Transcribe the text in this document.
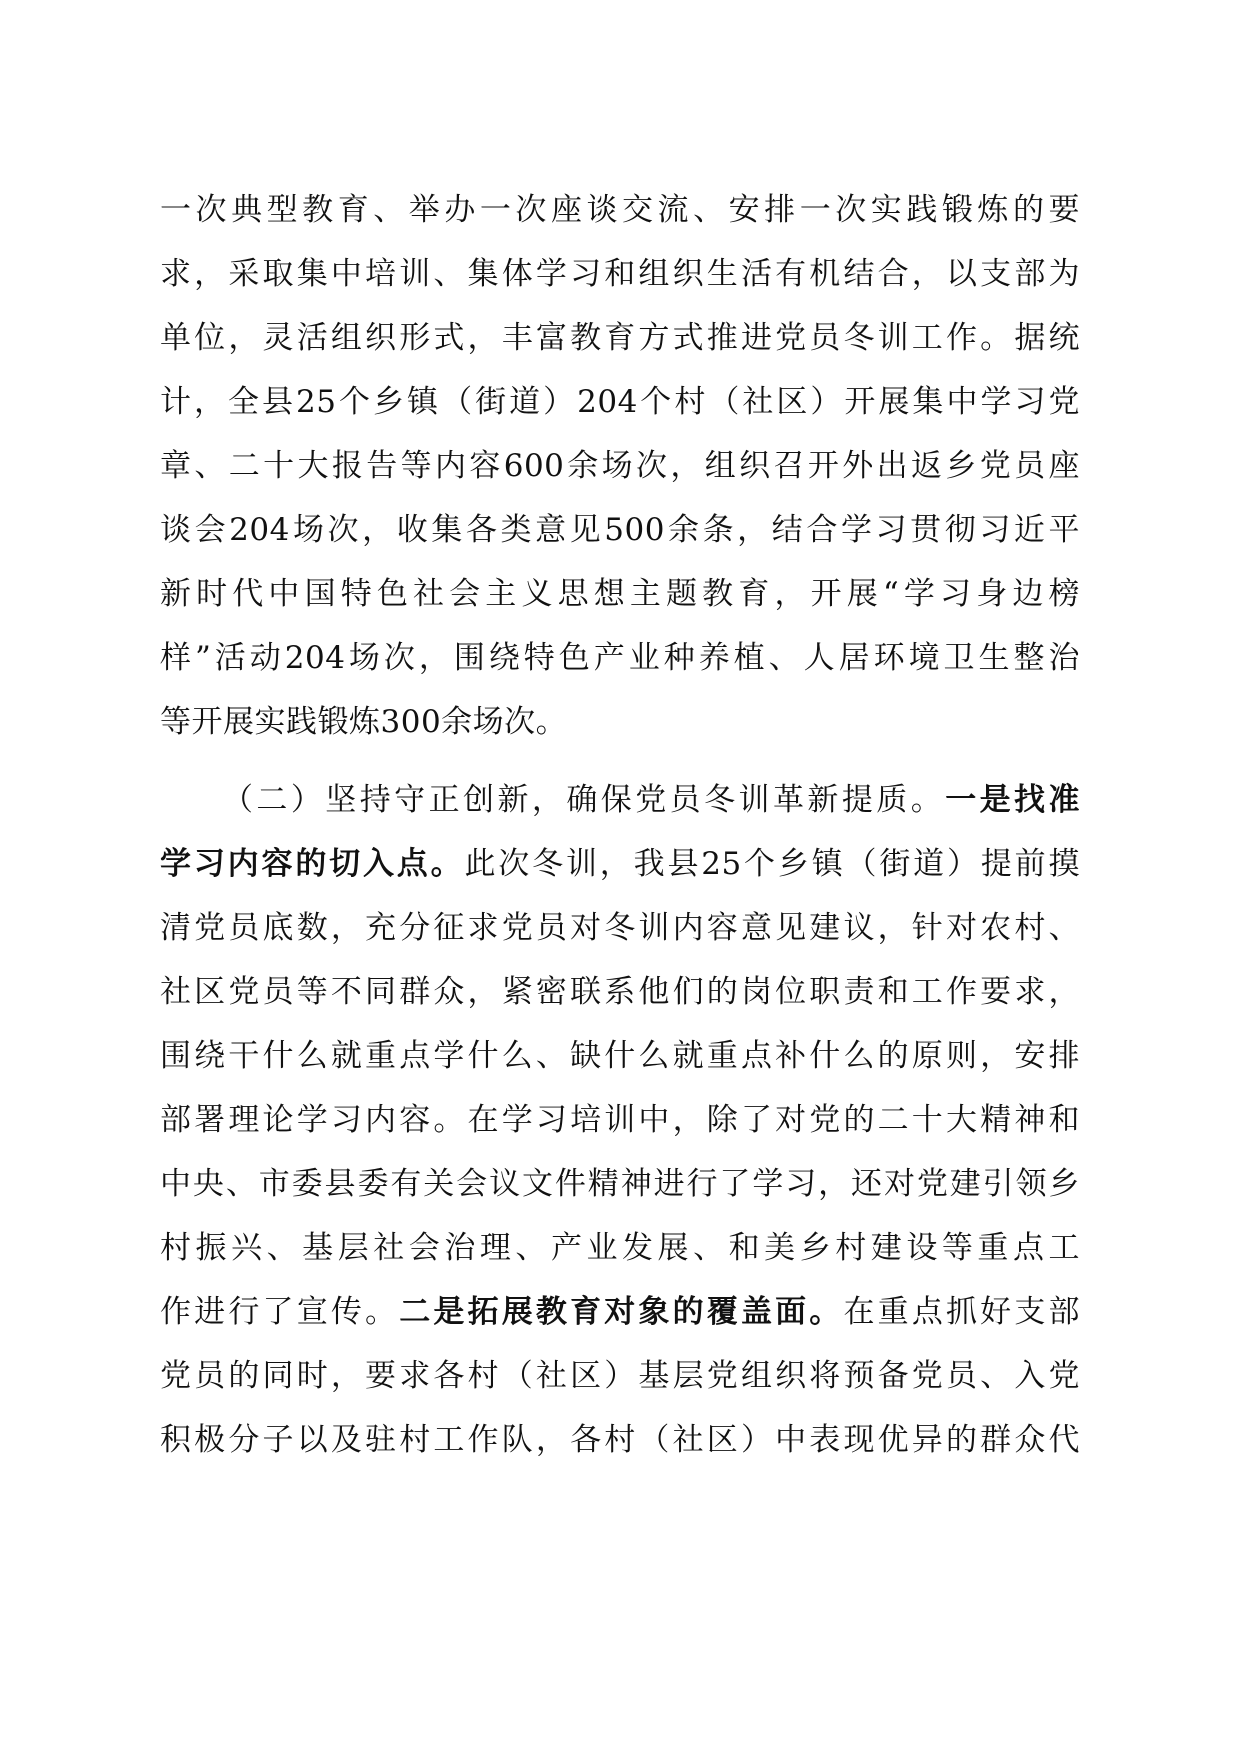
一次典型教育、举办一次座谈交流、安排一次实践锻炼的要
求，采取集中培训、集体学习和组织生活有机结合，以支部为
单位，灵活组织形式，丰富教育方式推进党员冬训工作。据统
计，全县25个乡镇（街道）204个村（社区）开展集中学习党
章、二十大报告等内容600余场次，组织召开外出返乡党员座
谈会204场次，收集各类意见500余条，结合学习贯彻习近平
新时代中国特色社会主义思想主题教育，开展“学习身边榜
样”活动204场次，围绕特色产业种养植、人居环境卫生整治
等开展实践锻炼300余场次。
（二）坚持守正创新，确保党员冬训革新提质。一是找准
学习内容的切入点。此次冬训，我县25个乡镇（街道）提前摸
清党员底数，充分征求党员对冬训内容意见建议，针对农村、
社区党员等不同群众，紧密联系他们的岗位职责和工作要求，
围绕干什么就重点学什么、缺什么就重点补什么的原则，安排
部署理论学习内容。在学习培训中，除了对党的二十大精神和
中央、市委县委有关会议文件精神进行了学习，还对党建引领乡
村振兴、基层社会治理、产业发展、和美乡村建设等重点工
作进行了宣传。二是拓展教育对象的覆盖面。在重点抓好支部
党员的同时，要求各村（社区）基层党组织将预备党员、入党
积极分子以及驻村工作队，各村（社区）中表现优异的群众代
